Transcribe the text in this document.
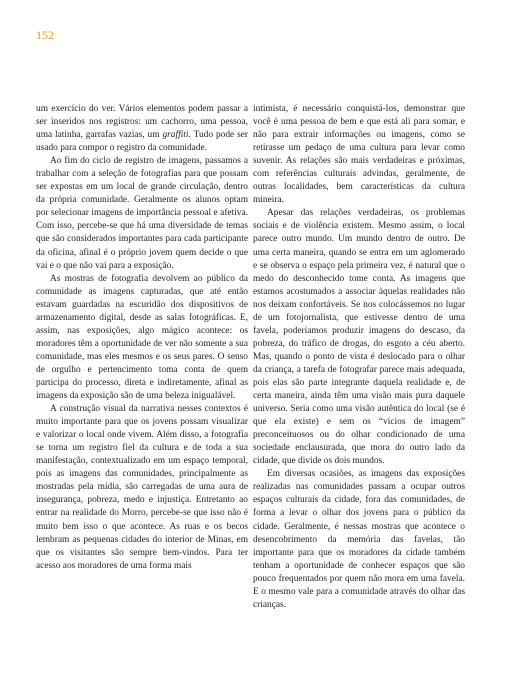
152

um exercício do ver. Vários elementos podem passar a ser inseridos nos registros: um cachorro, uma pessoa, uma latinha, garrafas vazias, um graffiti. Tudo pode ser usado para compor o registro da comunidade.

Ao fim do ciclo de registro de imagens, passamos a trabalhar com a seleção de fotografias para que possam ser expostas em um local de grande circulação, dentro da própria comunidade. Geralmente os alunos optam por selecionar imagens de importância pessoal e afetiva. Com isso, percebe-se que há uma diversidade de temas que são considerados importantes para cada participante da oficina, afinal é o próprio jovem quem decide o que vai e o que não vai para a exposição.

As mostras de fotografia devolvem ao público da comunidade as imagens capturadas, que até então estavam guardadas na escuridão dos dispositivos de armazenamento digital, desde as salas fotográficas. E, assim, nas exposições, algo mágico acontece: os moradores têm a oportunidade de ver não somente a sua comunidade, mas eles mesmos e os seus pares. O senso de orgulho e pertencimento toma conta de quem participa do processo, direta e indiretamente, afinal as imagens da exposição são de uma beleza inigualável.

A construção visual da narrativa nesses contextos é muito importante para que os jovens possam visualizar e valorizar o local onde vivem. Além disso, a fotografia se torna um registro fiel da cultura e de toda a sua manifestação, contextualizado em um espaço temporal, pois as imagens das comunidades, principalmente as mostradas pela mídia, são carregadas de uma aura de insegurança, pobreza, medo e injustiça. Entretanto ao entrar na realidade do Morro, percebe-se que isso não é muito bem isso o que acontece. As ruas e os becos lembram as pequenas cidades do interior de Minas, em que os visitantes são sempre bem-vindos. Para ter acesso aos moradores de uma forma mais

intimista, é necessário conquistá-los, demonstrar que você é uma pessoa de bem e que está ali para somar, e não para extrair informações ou imagens, como se retirasse um pedaço de uma cultura para levar como suvenir. As relações são mais verdadeiras e próximas, com referências culturais advindas, geralmente, de outras localidades, bem características da cultura mineira.

Apesar das relações verdadeiras, os problemas sociais e de violência existem. Mesmo assim, o local parece outro mundo. Um mundo dentro de outro. De uma certa maneira, quando se entra em um aglomerado e se observa o espaço pela primeira vez, é natural que o medo do desconhecido tome conta. As imagens que estamos acostumados a associar àquelas realidades não nos deixam confortáveis. Se nos colocássemos no lugar de um fotojornalista, que estivesse dentro de uma favela, poderíamos produzir imagens do descaso, da pobreza, do tráfico de drogas, do esgoto a céu aberto. Mas, quando o ponto de vista é deslocado para o olhar da criança, a tarefa de fotografar parece mais adequada, pois elas são parte integrante daquela realidade e, de certa maneira, ainda têm uma visão mais pura daquele universo. Seria como uma visão autêntica do local (se é que ela existe) e sem os “vícios de imagem” preconceituosos ou do olhar condicionado de uma sociedade enclausurada, que mora do outro lado da cidade, que divide os dois mundos.

Em diversas ocasiões, as imagens das exposições realizadas nas comunidades passam a ocupar outros espaços culturais da cidade, fora das comunidades, de forma a levar o olhar dos jovens para o público da cidade. Geralmente, é nessas mostras que acontece o desencobrimento da memória das favelas, tão importante para que os moradores da cidade também tenham a oportunidade de conhecer espaços que são pouco frequentados por quem não mora em uma favela. E o mesmo vale para a comunidade através do olhar das crianças.
